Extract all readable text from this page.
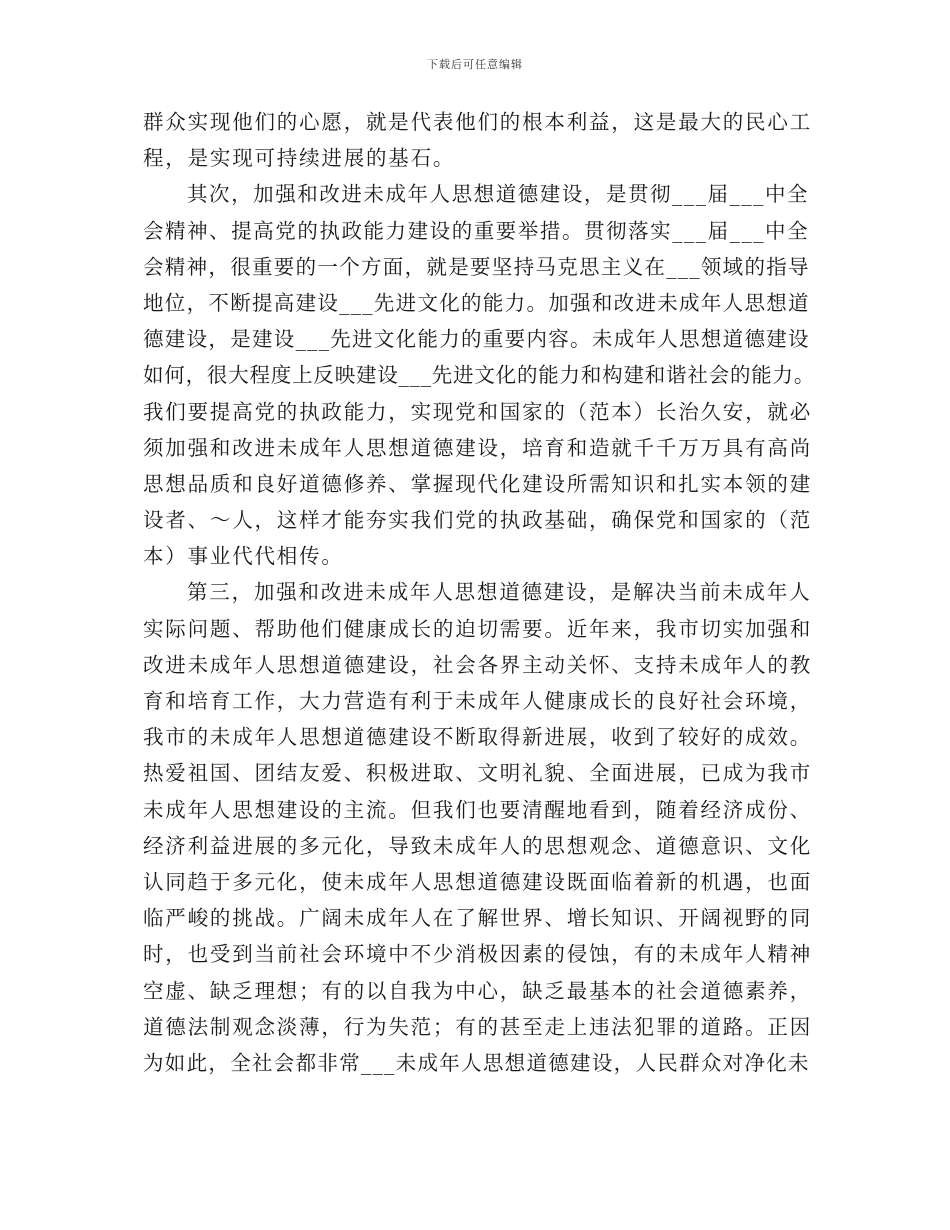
下载后可任意编辑
群众实现他们的心愿，就是代表他们的根本利益，这是最大的民心工
程，是实现可持续进展的基石。
其次，加强和改进未成年人思想道德建设，是贯彻___届___中全
会精神、提高党的执政能力建设的重要举措。贯彻落实___届___中全
会精神，很重要的一个方面，就是要坚持马克思主义在___领域的指导
地位，不断提高建设___先进文化的能力。加强和改进未成年人思想道
德建设，是建设___先进文化能力的重要内容。未成年人思想道德建设
如何，很大程度上反映建设___先进文化的能力和构建和谐社会的能力。
我们要提高党的执政能力，实现党和国家的（范本）长治久安，就必
须加强和改进未成年人思想道德建设，培育和造就千千万万具有高尚
思想品质和良好道德修养、掌握现代化建设所需知识和扎实本领的建
设者、～人，这样才能夯实我们党的执政基础，确保党和国家的（范
本）事业代代相传。
第三，加强和改进未成年人思想道德建设，是解决当前未成年人
实际问题、帮助他们健康成长的迫切需要。近年来，我市切实加强和
改进未成年人思想道德建设，社会各界主动关怀、支持未成年人的教
育和培育工作，大力营造有利于未成年人健康成长的良好社会环境，
我市的未成年人思想道德建设不断取得新进展，收到了较好的成效。
热爱祖国、团结友爱、积极进取、文明礼貌、全面进展，已成为我市
未成年人思想建设的主流。但我们也要清醒地看到，随着经济成份、
经济利益进展的多元化，导致未成年人的思想观念、道德意识、文化
认同趋于多元化，使未成年人思想道德建设既面临着新的机遇，也面
临严峻的挑战。广阔未成年人在了解世界、增长知识、开阔视野的同
时，也受到当前社会环境中不少消极因素的侵蚀，有的未成年人精神
空虚、缺乏理想；有的以自我为中心，缺乏最基本的社会道德素养，
道德法制观念淡薄，行为失范；有的甚至走上违法犯罪的道路。正因
为如此，全社会都非常___未成年人思想道德建设，人民群众对净化未
